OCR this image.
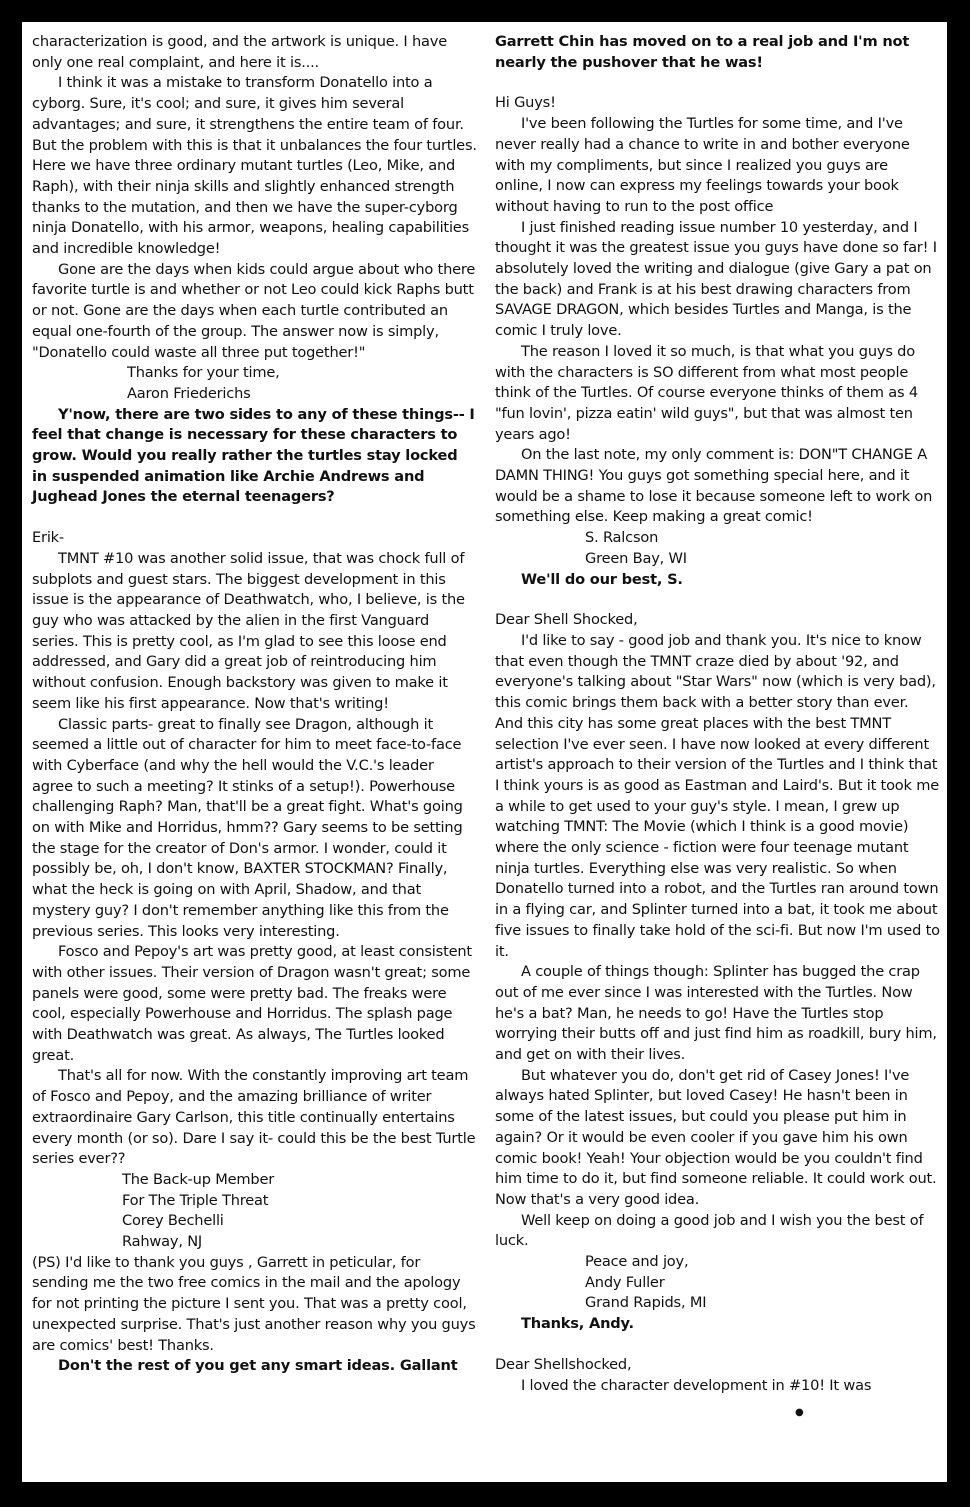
characterization is good, and the artwork is unique. I have only one real complaint, and here it is....

I think it was a mistake to transform Donatello into a cyborg. Sure, it's cool; and sure, it gives him several advantages; and sure, it strengthens the entire team of four. But the problem with this is that it unbalances the four turtles. Here we have three ordinary mutant turtles (Leo, Mike, and Raph), with their ninja skills and slightly enhanced strength thanks to the mutation, and then we have the super-cyborg ninja Donatello, with his armor, weapons, healing capabilities and incredible knowledge!

Gone are the days when kids could argue about who there favorite turtle is and whether or not Leo could kick Raphs butt or not. Gone are the days when each turtle contributed an equal one-fourth of the group. The answer now is simply, "Donatello could waste all three put together!"

Thanks for your time,

Aaron Friederichs

Y'now, there are two sides to any of these things-- I feel that change is necessary for these characters to grow. Would you really rather the turtles stay locked in suspended animation like Archie Andrews and Jughead Jones the eternal teenagers?

Erik-

TMNT #10 was another solid issue, that was chock full of subplots and guest stars. The biggest development in this issue is the appearance of Deathwatch, who, I believe, is the guy who was attacked by the alien in the first Vanguard series. This is pretty cool, as I'm glad to see this loose end addressed, and Gary did a great job of reintroducing him without confusion. Enough backstory was given to make it seem like his first appearance. Now that's writing!

Classic parts- great to finally see Dragon, although it seemed a little out of character for him to meet face-to-face with Cyberface (and why the hell would the V.C.'s leader agree to such a meeting? It stinks of a setup!). Powerhouse challenging Raph? Man, that'll be a great fight. What's going on with Mike and Horridus, hmm?? Gary seems to be setting the stage for the creator of Don's armor. I wonder, could it possibly be, oh, I don't know, BAXTER STOCKMAN? Finally, what the heck is going on with April, Shadow, and that mystery guy? I don't remember anything like this from the previous series. This looks very interesting.

Fosco and Pepoy's art was pretty good, at least consistent with other issues. Their version of Dragon wasn't great; some panels were good, some were pretty bad. The freaks were cool, especially Powerhouse and Horridus. The splash page with Deathwatch was great. As always, The Turtles looked great.

That's all for now. With the constantly improving art team of Fosco and Pepoy, and the amazing brilliance of writer extraordinaire Gary Carlson, this title continually entertains every month (or so). Dare I say it- could this be the best Turtle series ever??

The Back-up Member

For The Triple Threat

Corey Bechelli

Rahway, NJ

(PS) I'd like to thank you guys , Garrett in peticular, for sending me the two free comics in the mail and the apology for not printing the picture I sent you. That was a pretty cool, unexpected surprise. That's just another reason why you guys are comics' best! Thanks.

Don't the rest of you get any smart ideas. Gallant

Garrett Chin has moved on to a real job and I'm not nearly the pushover that he was!

Hi Guys!

I've been following the Turtles for some time, and I've never really had a chance to write in and bother everyone with my compliments, but since I realized you guys are online, I now can express my feelings towards your book without having to run to the post office

I just finished reading issue number 10 yesterday, and I thought it was the greatest issue you guys have done so far! I absolutely loved the writing and dialogue (give Gary a pat on the back) and Frank is at his best drawing characters from SAVAGE DRAGON, which besides Turtles and Manga, is the comic I truly love.

The reason I loved it so much, is that what you guys do with the characters is SO different from what most people think of the Turtles. Of course everyone thinks of them as 4 "fun lovin', pizza eatin' wild guys", but that was almost ten years ago!

On the last note, my only comment is: DON"T CHANGE A DAMN THING! You guys got something special here, and it would be a shame to lose it because someone left to work on something else. Keep making a great comic!

S. Ralcson

Green Bay, WI

We'll do our best, S.

Dear Shell Shocked,

I'd like to say - good job and thank you. It's nice to know that even though the TMNT craze died by about '92, and everyone's talking about "Star Wars" now (which is very bad), this comic brings them back with a better story than ever. And this city has some great places with the best TMNT selection I've ever seen. I have now looked at every different artist's approach to their version of the Turtles and I think that I think yours is as good as Eastman and Laird's. But it took me a while to get used to your guy's style. I mean, I grew up watching TMNT: The Movie (which I think is a good movie) where the only science - fiction were four teenage mutant ninja turtles. Everything else was very realistic. So when Donatello turned into a robot, and the Turtles ran around town in a flying car, and Splinter turned into a bat, it took me about five issues to finally take hold of the sci-fi. But now I'm used to it.

A couple of things though: Splinter has bugged the crap out of me ever since I was interested with the Turtles. Now he's a bat? Man, he needs to go! Have the Turtles stop worrying their butts off and just find him as roadkill, bury him, and get on with their lives.

But whatever you do, don't get rid of Casey Jones! I've always hated Splinter, but loved Casey! He hasn't been in some of the latest issues, but could you please put him in again? Or it would be even cooler if you gave him his own comic book! Yeah! Your objection would be you couldn't find him time to do it, but find someone reliable. It could work out. Now that's a very good idea.

Well keep on doing a good job and I wish you the best of luck.

Peace and joy,

Andy Fuller

Grand Rapids, MI

Thanks, Andy.

Dear Shellshocked,

I loved the character development in #10! It was

●
